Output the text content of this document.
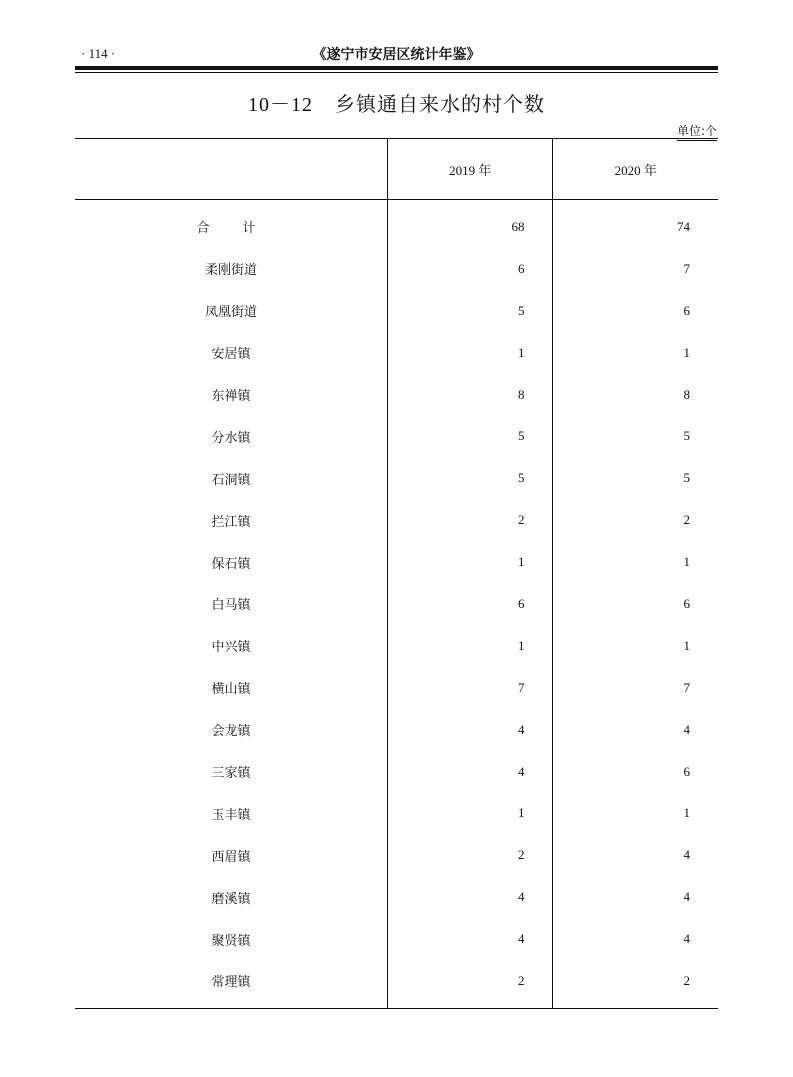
· 114 ·	《遂宁市安居区统计年鉴》
10－12 乡镇通自来水的村个数
单位:个
	2019 年	2020 年
合　计	68	74
柔刚街道	6	7
凤凰街道	5	6
安居镇	1	1
东禅镇	8	8
分水镇	5	5
石洞镇	5	5
拦江镇	2	2
保石镇	1	1
白马镇	6	6
中兴镇	1	1
横山镇	7	7
会龙镇	4	4
三家镇	4	6
玉丰镇	1	1
西眉镇	2	4
磨溪镇	4	4
聚贤镇	4	4
常理镇	2	2
